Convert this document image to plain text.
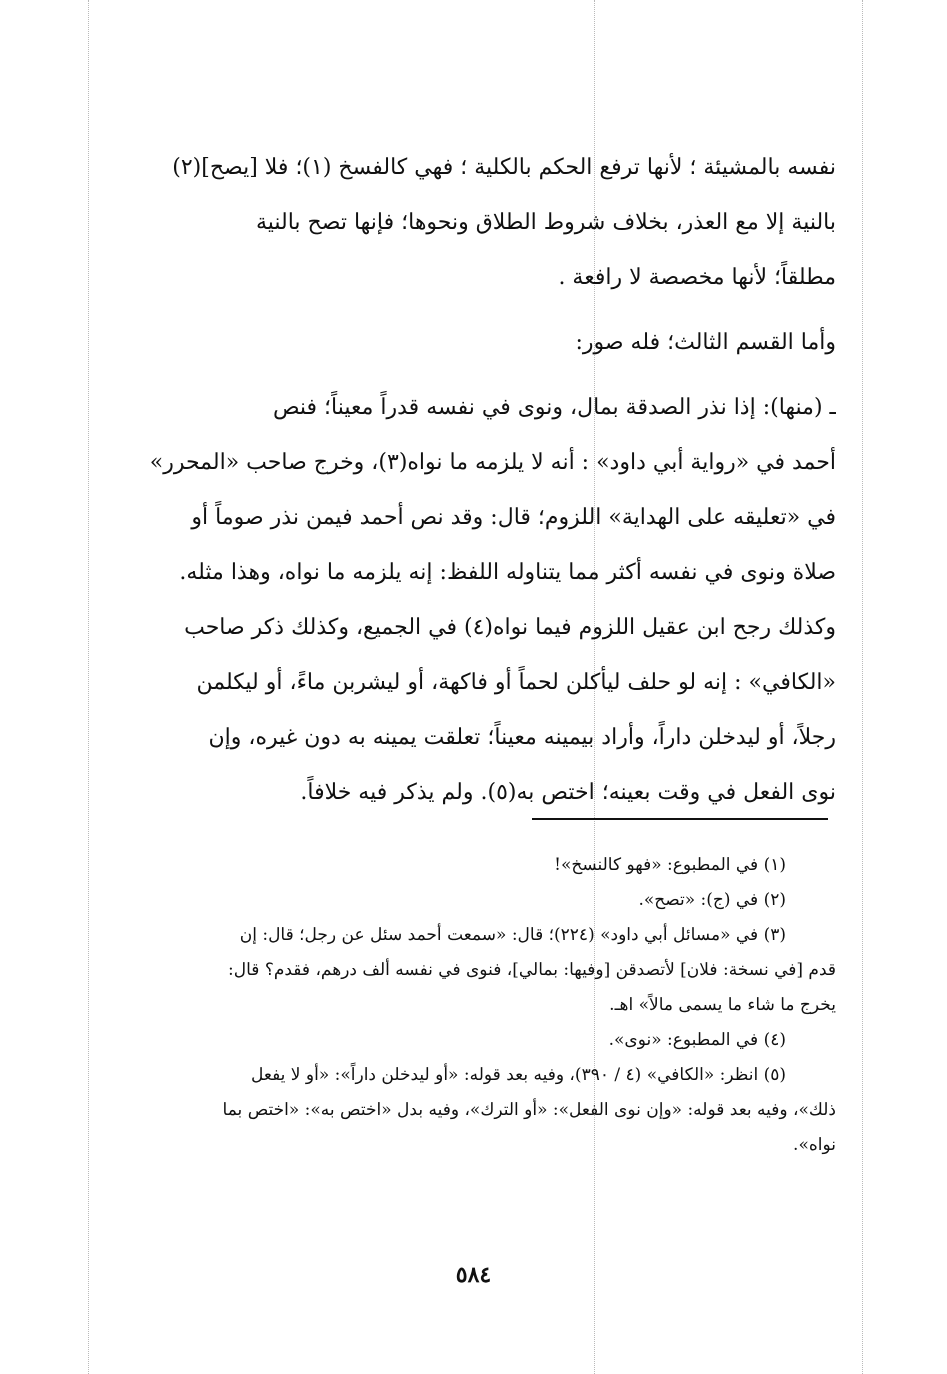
نفسه بالمشيئة ؛ لأنها ترفع الحكم بالكلية ؛ فهي كالفسخ (١)؛ فلا [يصح](٢)
بالنية إلا مع العذر، بخلاف شروط الطلاق ونحوها؛ فإنها تصح بالنية
مطلقاً؛ لأنها مخصصة لا رافعة .
وأما القسم الثالث؛ فله صور:
ـ (منها): إذا نذر الصدقة بمال، ونوى في نفسه قدراً معيناً؛ فنص
أحمد في «رواية أبي داود» : أنه لا يلزمه ما نواه(٣)، وخرج صاحب «المحرر»
في «تعليقه على الهداية» اللزوم؛ قال: وقد نص أحمد فيمن نذر صوماً أو
صلاة ونوى في نفسه أكثر مما يتناوله اللفظ: إنه يلزمه ما نواه، وهذا مثله.
وكذلك رجح ابن عقيل اللزوم فيما نواه(٤) في الجميع، وكذلك ذكر صاحب
«الكافي» : إنه لو حلف ليأكلن لحماً أو فاكهة، أو ليشربن ماءً، أو ليكلمن
رجلاً، أو ليدخلن داراً، وأراد بيمينه معيناً؛ تعلقت يمينه به دون غيره، وإن
نوى الفعل في وقت بعينه؛ اختص به(٥). ولم يذكر فيه خلافاً.
(١) في المطبوع: «فهو كالنسخ»!
(٢) في (ج): «تصح».
(٣) في «مسائل أبي داود» (٢٢٤)؛ قال: «سمعت أحمد سئل عن رجل؛ قال: إن
قدم [في نسخة: فلان] لأتصدقن [وفيها: بمالي]، فنوى في نفسه ألف درهم، فقدم؟ قال:
يخرج ما شاء ما يسمى مالاً» اهـ.
(٤) في المطبوع: «نوى».
(٥) انظر: «الكافي» (٤ / ٣٩٠)، وفيه بعد قوله: «أو ليدخلن داراً»: «أو لا يفعل
ذلك»، وفيه بعد قوله: «وإن نوى الفعل»: «أو الترك»، وفيه بدل «اختص به»: «اختص بما
نواه».
٥٨٤
